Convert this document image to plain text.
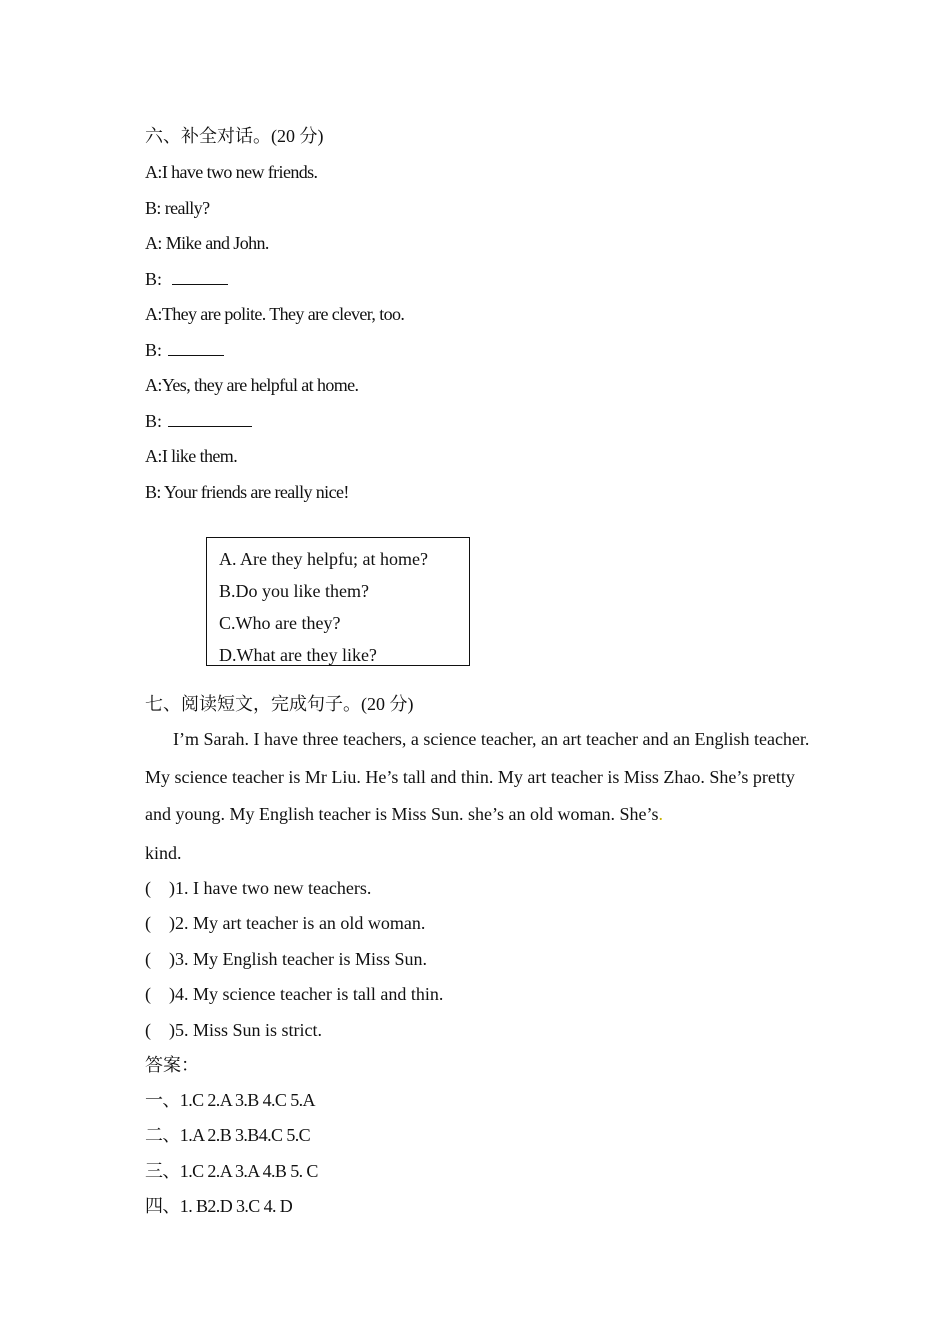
六、补全对话。(20 分)
A:I have two new friends.
B: really?
A: Mike and John.
B:
A:They are polite. They are clever, too.
B:
A:Yes, they are helpful at home.
B:
A:I like them.
B: Your friends are really nice!
A. Are they helpfu; at home?
B.Do you like them?
C.Who are they?
D.What are they like?
七、阅读短文，完成句子。(20 分)
I’m Sarah. I have three teachers, a science teacher, an art teacher and an English teacher. My science teacher is Mr Liu. He’s tall and thin. My art teacher is Miss Zhao. She’s pretty and young. My English teacher is Miss Sun. she’s an old woman. She’s.
kind.
( )1. I have two new teachers.
( )2. My art teacher is an old woman.
( )3. My English teacher is Miss Sun.
( )4. My science teacher is tall and thin.
( )5. Miss Sun is strict.
答案：
一、1.C 2.A 3.B 4.C 5.A
二、1.A 2.B 3.B4.C 5.C
三、1.C 2.A 3.A 4.B 5. C
四、1. B2.D 3.C 4. D
